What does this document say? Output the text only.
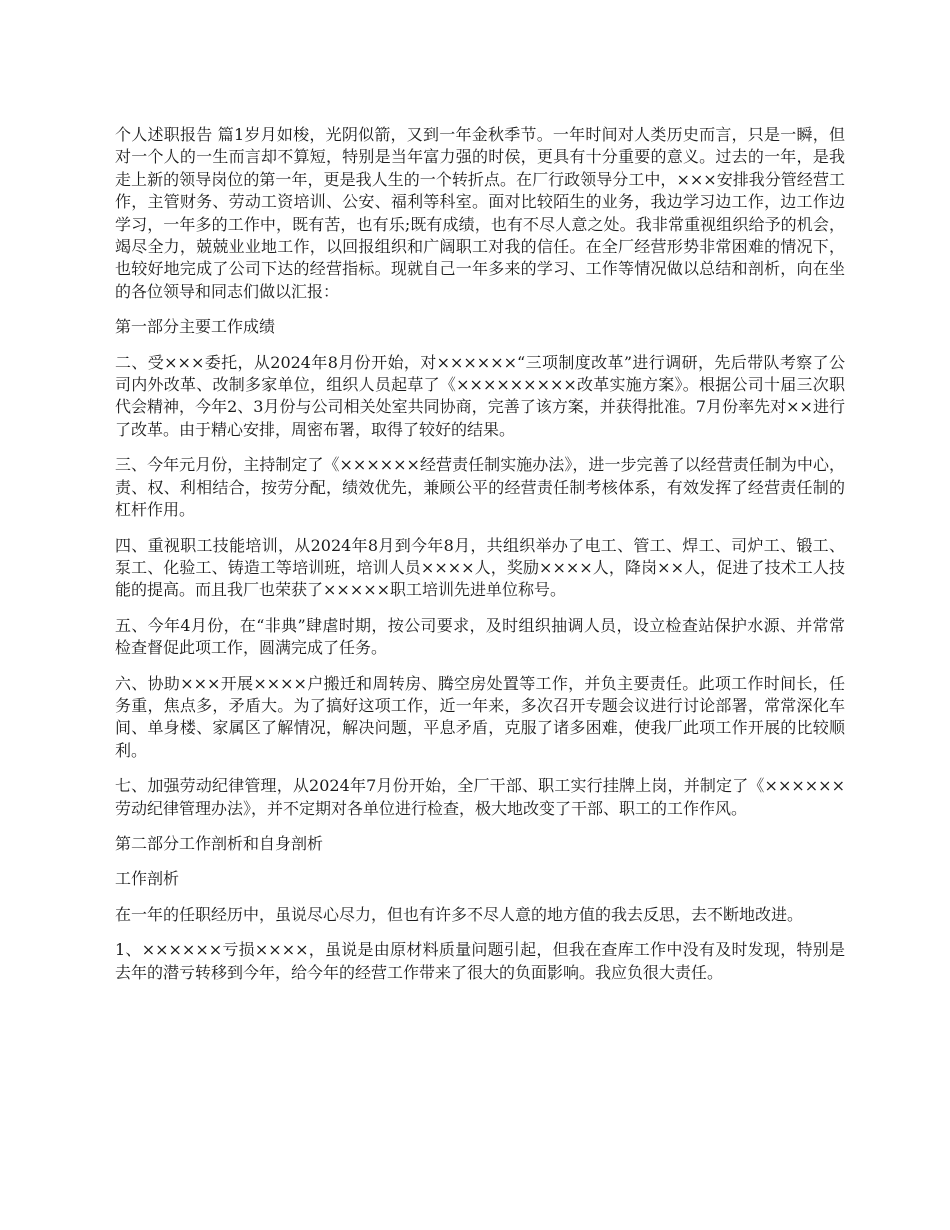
个人述职报告 篇1岁月如梭，光阴似箭，又到一年金秋季节。一年时间对人类历史而言，只是一瞬，但对一个人的一生而言却不算短，特别是当年富力强的时侯，更具有十分重要的意义。过去的一年，是我走上新的领导岗位的第一年，更是我人生的一个转折点。在厂行政领导分工中，×××安排我分管经营工作，主管财务、劳动工资培训、公安、福利等科室。面对比较陌生的业务，我边学习边工作，边工作边学习，一年多的工作中，既有苦，也有乐;既有成绩，也有不尽人意之处。我非常重视组织给予的机会，竭尽全力，兢兢业业地工作，以回报组织和广阔职工对我的信任。在全厂经营形势非常困难的情况下，也较好地完成了公司下达的经营指标。现就自己一年多来的学习、工作等情况做以总结和剖析，向在坐的各位领导和同志们做以汇报：

第一部分主要工作成绩

二、受×××委托，从2024年8月份开始，对××××××“三项制度改革”进行调研，先后带队考察了公司内外改革、改制多家单位，组织人员起草了《×××××××××改革实施方案》。根据公司十届三次职代会精神，今年2、3月份与公司相关处室共同协商，完善了该方案，并获得批准。7月份率先对××进行了改革。由于精心安排，周密布署，取得了较好的结果。

三、今年元月份，主持制定了《××××××经营责任制实施办法》，进一步完善了以经营责任制为中心，责、权、利相结合，按劳分配，绩效优先，兼顾公平的经营责任制考核体系，有效发挥了经营责任制的杠杆作用。

四、重视职工技能培训，从2024年8月到今年8月，共组织举办了电工、管工、焊工、司炉工、锻工、泵工、化验工、铸造工等培训班，培训人员××××人，奖励××××人，降岗××人，促进了技术工人技能的提高。而且我厂也荣获了×××××职工培训先进单位称号。

五、今年4月份，在“非典”肆虐时期，按公司要求，及时组织抽调人员，设立检查站保护水源、并常常检查督促此项工作，圆满完成了任务。

六、协助×××开展××××户搬迁和周转房、腾空房处置等工作，并负主要责任。此项工作时间长，任务重，焦点多，矛盾大。为了搞好这项工作，近一年来，多次召开专题会议进行讨论部署，常常深化车间、单身楼、家属区了解情况，解决问题，平息矛盾，克服了诸多困难，使我厂此项工作开展的比较顺利。

七、加强劳动纪律管理，从2024年7月份开始，全厂干部、职工实行挂牌上岗，并制定了《××××××劳动纪律管理办法》，并不定期对各单位进行检查，极大地改变了干部、职工的工作作风。

第二部分工作剖析和自身剖析

工作剖析

在一年的任职经历中，虽说尽心尽力，但也有许多不尽人意的地方值的我去反思，去不断地改进。

1、××××××亏损××××，虽说是由原材料质量问题引起，但我在查库工作中没有及时发现，特别是去年的潜亏转移到今年，给今年的经营工作带来了很大的负面影响。我应负很大责任。
